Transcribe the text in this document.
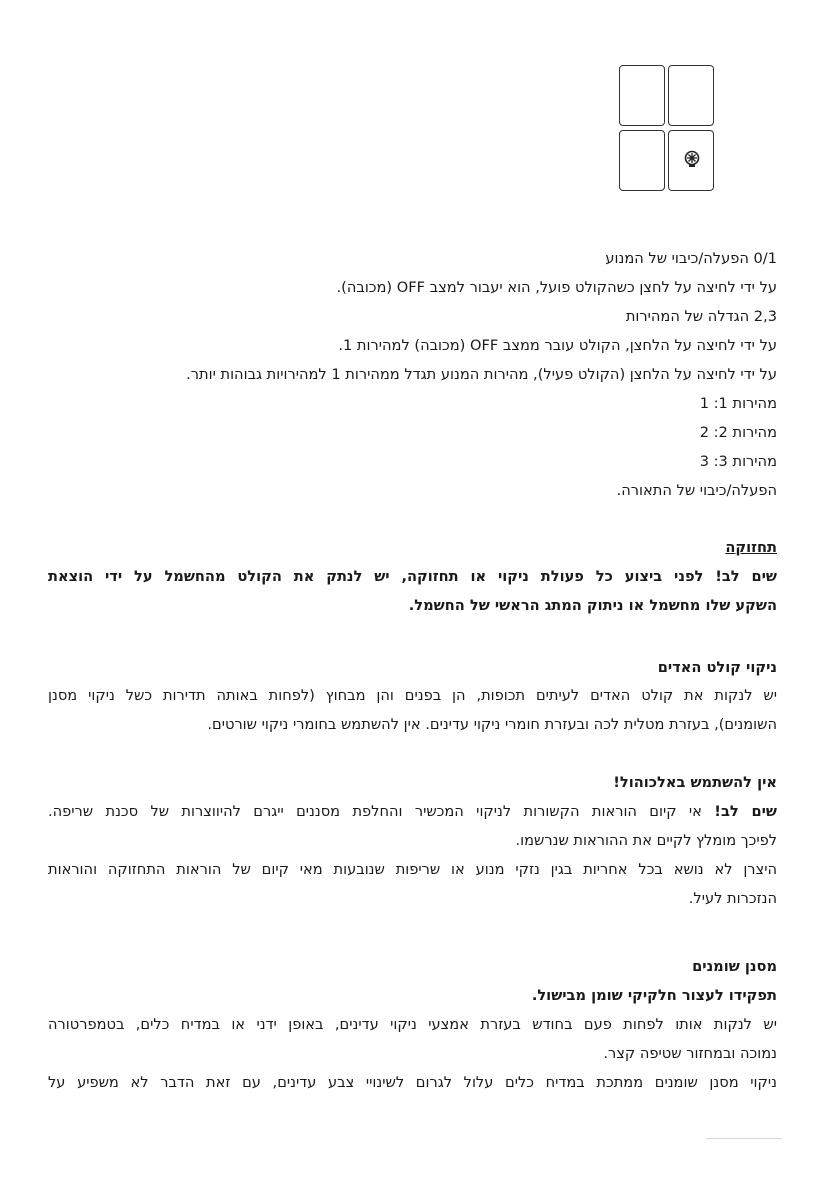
0/1 הפעלה/כיבוי של המנוע
על ידי לחיצה על לחצן כשהקולט פועל, הוא יעבור למצב OFF (מכובה).
2,3 הגדלה של המהירות
על ידי לחיצה על הלחצן, הקולט עובר ממצב OFF (מכובה) למהירות 1.
על ידי לחיצה על הלחצן (הקולט פעיל), מהירות המנוע תגדל ממהירות 1 למהירויות גבוהות יותר.
מהירות 1: 1
מהירות 2: 2
מהירות 3: 3
הפעלה/כיבוי של התאורה.
תחזוקה
שים לב! לפני ביצוע כל פעולת ניקוי או תחזוקה, יש לנתק את הקולט מהחשמל על ידי הוצאת
השקע שלו מחשמל או ניתוק המתג הראשי של החשמל.
ניקוי קולט האדים
יש לנקות את קולט האדים לעיתים תכופות, הן בפנים והן מבחוץ (לפחות באותה תדירות כשל ניקוי מסנן
השומנים), בעזרת מטלית לכה ובעזרת חומרי ניקוי עדינים. אין להשתמש בחומרי ניקוי שורטים.
אין להשתמש באלכוהול!
שים לב! אי קיום הוראות הקשורות לניקוי המכשיר והחלפת מסננים ייגרם להיווצרות של סכנת שריפה.
לפיכך מומלץ לקיים את ההוראות שנרשמו.
היצרן לא נושא בכל אחריות בגין נזקי מנוע או שריפות שנובעות מאי קיום של הוראות התחזוקה והוראות
הנזכרות לעיל.
מסנן שומנים
תפקידו לעצור חלקיקי שומן מבישול.
יש לנקות אותו לפחות פעם בחודש בעזרת אמצעי ניקוי עדינים, באופן ידני או במדיח כלים, בטמפרטורה
נמוכה ובמחזור שטיפה קצר.
ניקוי מסנן שומנים ממתכת במדיח כלים עלול לגרום לשינויי צבע עדינים, עם זאת הדבר לא משפיע על
